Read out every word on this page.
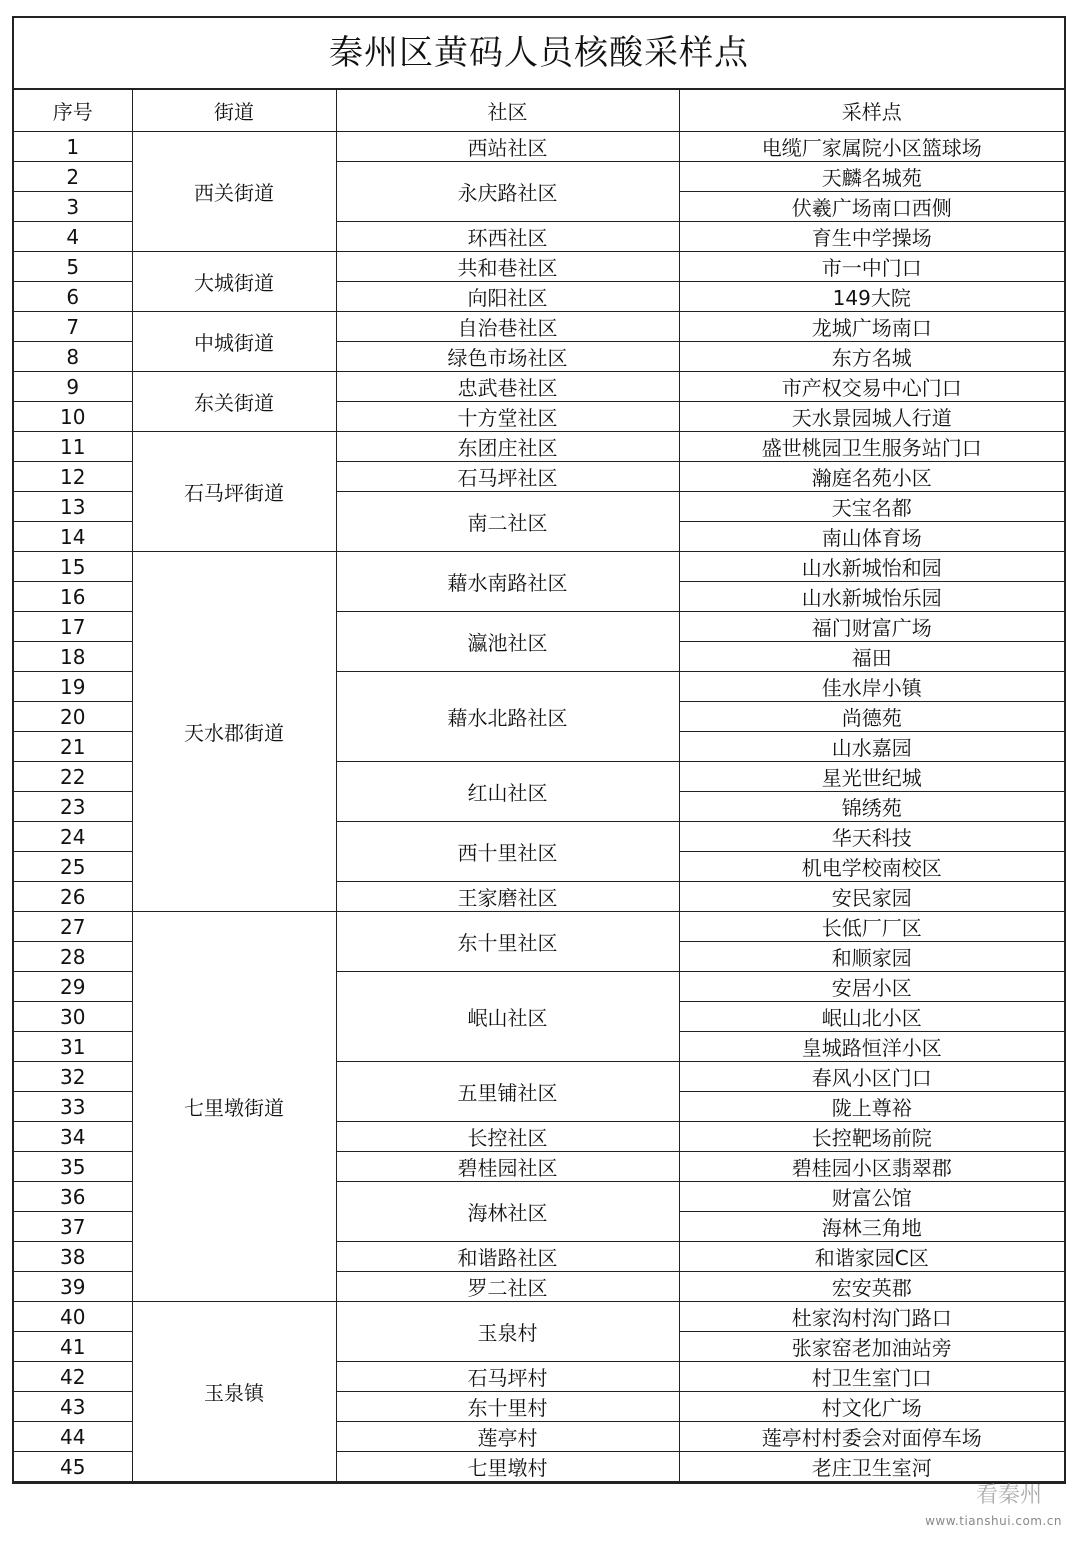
秦州区黄码人员核酸采样点
序号	街道	社区	采样点
1	西关街道	西站社区	电缆厂家属院小区篮球场
2		永庆路社区	天麟名城苑
3			伏羲广场南口西侧
4		环西社区	育生中学操场
5	大城街道	共和巷社区	市一中门口
6		向阳社区	149大院
7	中城街道	自治巷社区	龙城广场南口
8		绿色市场社区	东方名城
9	东关街道	忠武巷社区	市产权交易中心门口
10		十方堂社区	天水景园城人行道
11	石马坪街道	东团庄社区	盛世桃园卫生服务站门口
12		石马坪社区	瀚庭名苑小区
13		南二社区	天宝名都
14			南山体育场
15	天水郡街道	藉水南路社区	山水新城怡和园
16			山水新城怡乐园
17		瀛池社区	福门财富广场
18			福田
19		藉水北路社区	佳水岸小镇
20			尚德苑
21			山水嘉园
22		红山社区	星光世纪城
23			锦绣苑
24		西十里社区	华天科技
25			机电学校南校区
26		王家磨社区	安民家园
27	七里墩街道	东十里社区	长低厂厂区
28			和顺家园
29		岷山社区	安居小区
30			岷山北小区
31			皇城路恒洋小区
32		五里铺社区	春风小区门口
33			陇上尊裕
34		长控社区	长控靶场前院
35		碧桂园社区	碧桂园小区翡翠郡
36		海林社区	财富公馆
37			海林三角地
38		和谐路社区	和谐家园C区
39		罗二社区	宏安英郡
40	玉泉镇	玉泉村	杜家沟村沟门路口
41			张家窑老加油站旁
42		石马坪村	村卫生室门口
43		东十里村	村文化广场
44		莲亭村	莲亭村村委会对面停车场
45		七里墩村	老庄卫生室河
看秦州
www.tianshui.com.cn
